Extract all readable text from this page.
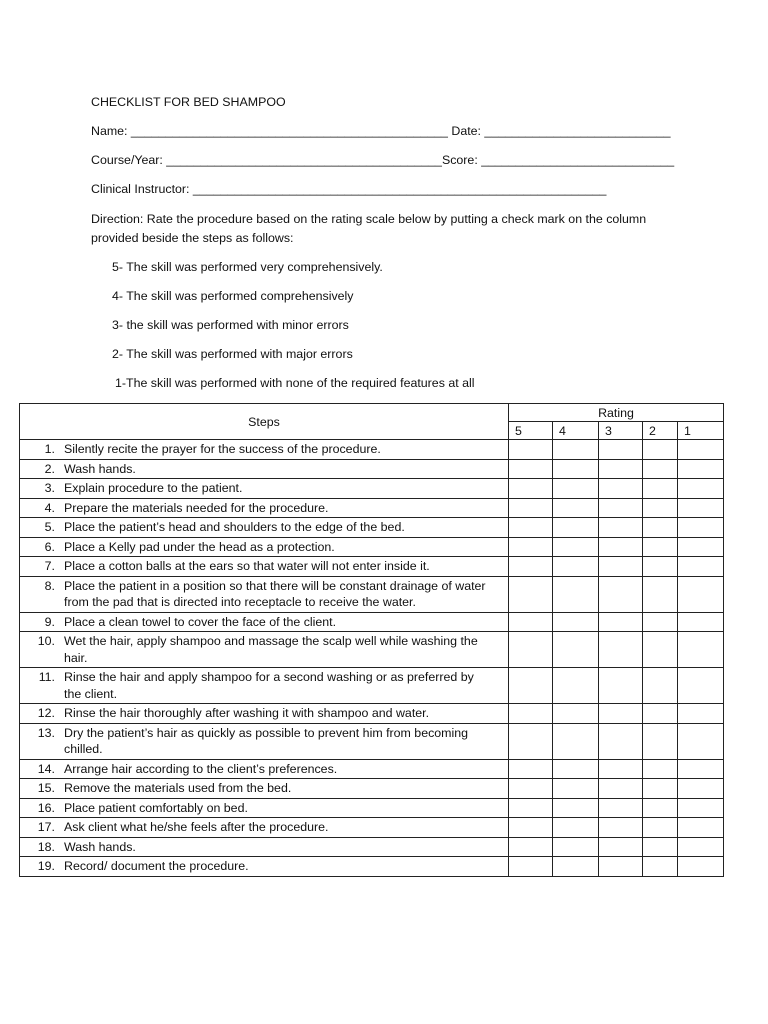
CHECKLIST FOR BED SHAMPOO
Name: ______________________________________________ Date: ___________________________
Course/Year: ________________________________________Score: ____________________________
Clinical Instructor: ____________________________________________________________
Direction: Rate the procedure based on the rating scale below by putting a check mark on the column provided beside the steps as follows:
5- The skill was performed very comprehensively.
4- The skill was performed comprehensively
3- the skill was performed with minor errors
2- The skill was performed with major errors
1-The skill was performed with none of the required features at all
Steps	Rating				
	5	4	3	2	1

1. Silently recite the prayer for the success of the procedure.					

2. Wash hands.					

3. Explain procedure to the patient.					

4. Prepare the materials needed for the procedure.					

5. Place the patient’s head and shoulders to the edge of the bed.					

6. Place a Kelly pad under the head as a protection.					

7. Place a cotton balls at the ears so that water will not enter inside it.					

8. Place the patient in a position so that there will be constant drainage of water from the pad that is directed into receptacle to receive the water.					

9. Place a clean towel to cover the face of the client.					

10. Wet the hair, apply shampoo and massage the scalp well while washing the hair.					

11. Rinse the hair and apply shampoo for a second washing or as preferred by the client.					

12. Rinse the hair thoroughly after washing it with shampoo and water.					

13. Dry the patient’s hair as quickly as possible to prevent him from becoming chilled.					

14. Arrange hair according to the client’s preferences.					

15. Remove the materials used from the bed.					

16. Place patient comfortably on bed.					

17. Ask client what he/she feels after the procedure.					

18. Wash hands.					

19. Record/ document the procedure.					
